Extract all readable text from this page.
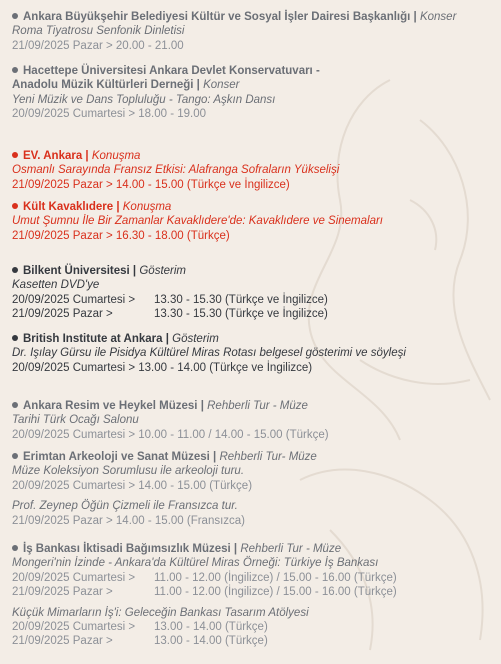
Ankara Büyükşehir Belediyesi Kültür ve Sosyal İşler Dairesi Başkanlığı | Konser
Roma Tiyatrosu Senfonik Dinletisi
21/09/2025 Pazar > 20.00 - 21.00
Hacettepe Üniversitesi Ankara Devlet Konservatuvarı -
Anadolu Müzik Kültürleri Derneği | Konser
Yeni Müzik ve Dans Topluluğu - Tango: Aşkın Dansı
20/09/2025 Cumartesi > 18.00 - 19.00
EV. Ankara | Konuşma
Osmanlı Sarayında Fransız Etkisi: Alafranga Sofraların Yükselişi
21/09/2025 Pazar > 14.00 - 15.00 (Türkçe ve İngilizce)
Kült Kavaklıdere | Konuşma
Umut Şumnu İle Bir Zamanlar Kavaklıdere'de: Kavaklıdere ve Sinemaları
21/09/2025 Pazar > 16.30 - 18.00 (Türkçe)
Bilkent Üniversitesi | Gösterim
Kasetten DVD'ye
20/09/2025 Cumartesi >	13.30 - 15.30 (Türkçe ve İngilizce)
21/09/2025 Pazar >	13.30 - 15.30 (Türkçe ve İngilizce)
British Institute at Ankara | Gösterim
Dr. Işılay Gürsu ile Pisidya Kültürel Miras Rotası belgesel gösterimi ve söyleşi
20/09/2025 Cumartesi > 13.00 - 14.00 (Türkçe ve İngilizce)
Ankara Resim ve Heykel Müzesi | Rehberli Tur - Müze
Tarihi Türk Ocağı Salonu
20/09/2025 Cumartesi > 10.00 - 11.00 / 14.00 - 15.00 (Türkçe)
Erimtan Arkeoloji ve Sanat Müzesi | Rehberli Tur- Müze
Müze Koleksiyon Sorumlusu ile arkeoloji turu.
20/09/2025 Cumartesi > 14.00 - 15.00 (Türkçe)
Prof. Zeynep Öğün Çizmeli ile Fransızca tur.
21/09/2025 Pazar > 14.00 - 15.00 (Fransızca)
İş Bankası İktisadi Bağımsızlık Müzesi | Rehberli Tur - Müze
Mongeri'nin İzinde - Ankara'da Kültürel Miras Örneği: Türkiye İş Bankası
20/09/2025 Cumartesi >	11.00 - 12.00 (İngilizce) / 15.00 - 16.00 (Türkçe)
21/09/2025 Pazar >	11.00 - 12.00 (İngilizce) / 15.00 - 16.00 (Türkçe)
Küçük Mimarların İş'i: Geleceğin Bankası Tasarım Atölyesi
20/09/2025 Cumartesi >	13.00 - 14.00 (Türkçe)
21/09/2025 Pazar >	13.00 - 14.00 (Türkçe)
